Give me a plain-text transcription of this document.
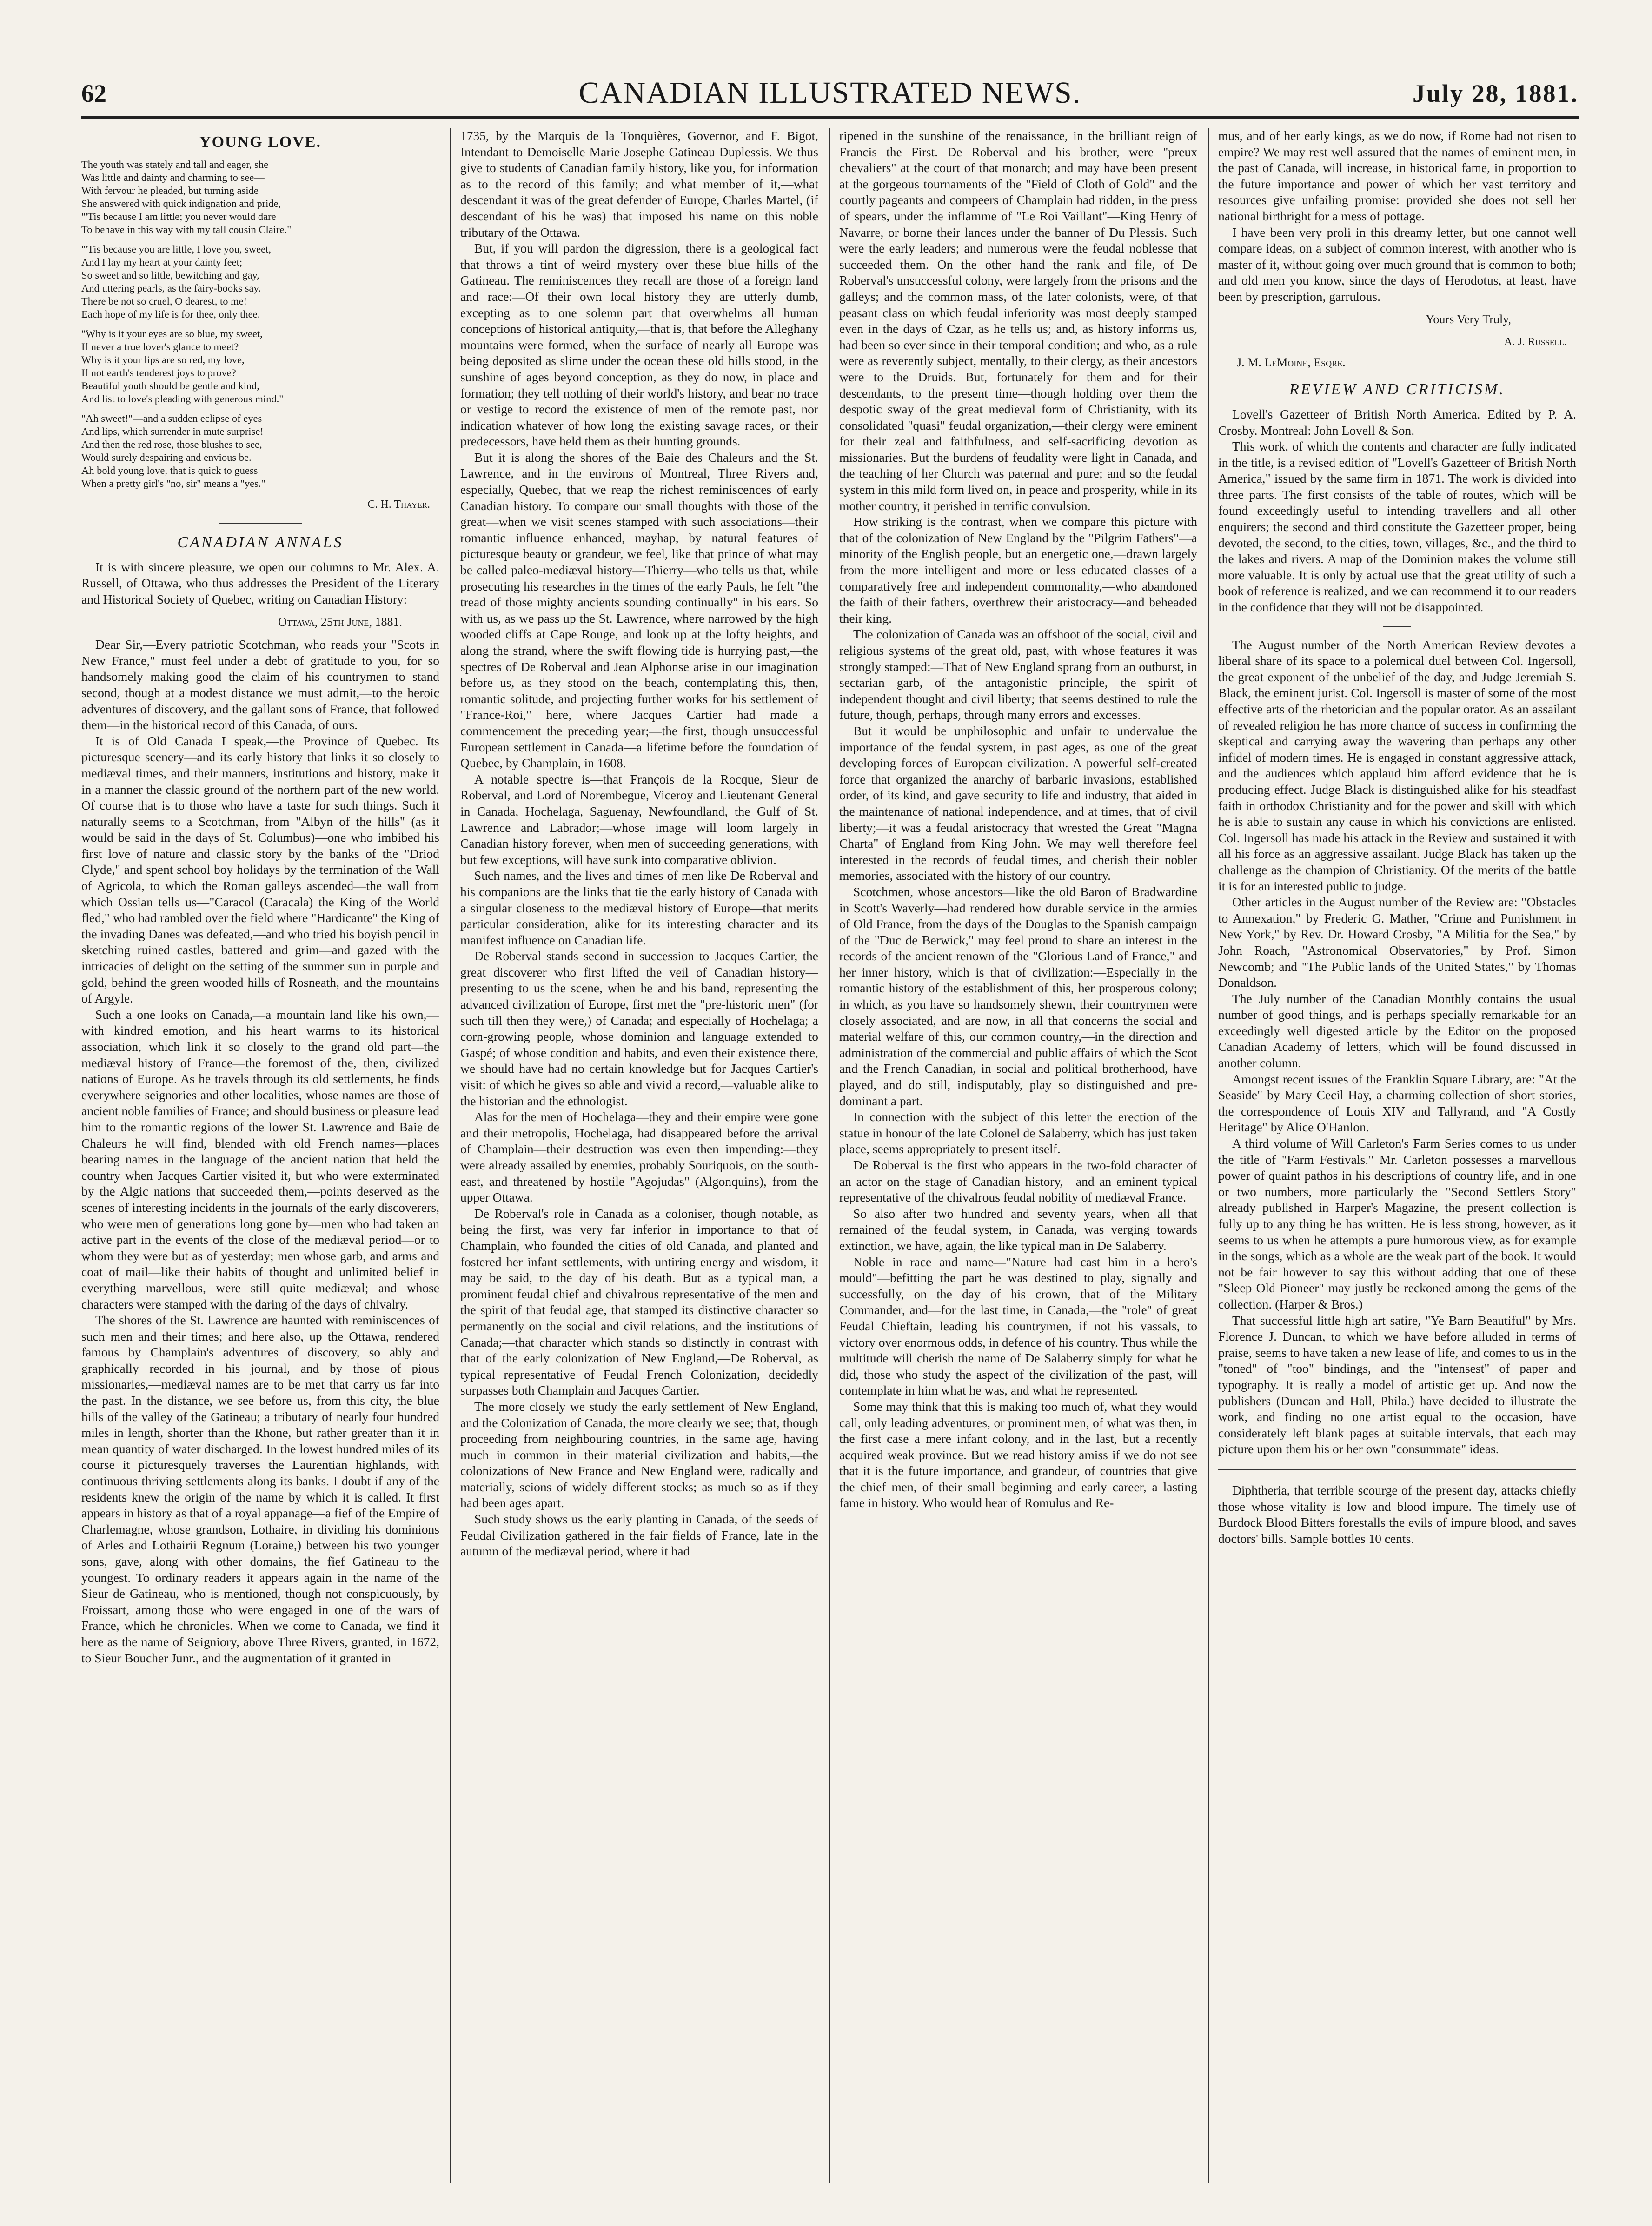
62	CANADIAN ILLUSTRATED NEWS.	July 28, 1881.
YOUNG LOVE.

The youth was stately and tall and eager, she
Was little and dainty and charming to see—
With fervour he pleaded, but turning aside
She answered with quick indignation and pride,
"'Tis because I am little; you never would dare
To behave in this way with my tall cousin Claire."

"'Tis because you are little, I love you, sweet,
And I lay my heart at your dainty feet;
So sweet and so little, bewitching and gay,
And uttering pearls, as the fairy-books say.
There be not so cruel, O dearest, to me!
Each hope of my life is for thee, only thee.

"Why is it your eyes are so blue, my sweet,
If never a true lover's glance to meet?
Why is it your lips are so red, my love,
If not earth's tenderest joys to prove?
Beautiful youth should be gentle and kind,
And list to love's pleading with generous mind."

"Ah sweet!"—and a sudden eclipse of eyes
And lips, which surrender in mute surprise!
And then the red rose, those blushes to see,
Would surely despairing and envious be.
Ah bold young love, that is quick to guess
When a pretty girl's "no, sir" means a "yes."

C. H. Thayer.
CANADIAN ANNALS

It is with sincere pleasure, we open our columns to Mr. Alex. A. Russell, of Ottawa, who thus addresses the President of the Literary and Historical Society of Quebec, writing on Canadian History:

Ottawa, 25th June, 1881.

Dear Sir,—Every patriotic Scotchman, who reads your "Scots in New France," must feel under a debt of gratitude to you, for so handsomely making good the claim of his countrymen to stand second, though at a modest distance we must admit,—to the heroic adventures of discovery, and the gallant sons of France, that followed them—in the historical record of this Canada, of ours.

It is of Old Canada I speak,—the Province of Quebec. Its picturesque scenery—and its early history that links it so closely to mediæval times, and their manners, institutions and history, make it in a manner the classic ground of the northern part of the new world. Of course that is to those who have a taste for such things. Such it naturally seems to a Scotchman, from "Albyn of the hills" (as it would be said in the days of St. Columbus)—one who imbibed his first love of nature and classic story by the banks of the "Driod Clyde," and spent school boy holidays by the termination of the Wall of Agricola, to which the Roman galleys ascended—the wall from which Ossian tells us—"Caracol (Caracala) the King of the World fled," who had rambled over the field where "Hardicante" the King of the invading Danes was defeated,—and who tried his boyish pencil in sketching ruined castles, battered and grim—and gazed with the intricacies of delight on the setting of the summer sun in purple and gold, behind the green wooded hills of Rosneath, and the mountains of Argyle.

Such a one looks on Canada,—a mountain land like his own,—with kindred emotion, and his heart warms to its historical association, which link it so closely to the grand old part—the mediæval history of France—the foremost of the, then, civilized nations of Europe. As he travels through its old settlements, he finds everywhere seignories and other localities, whose names are those of ancient noble families of France; and should business or pleasure lead him to the romantic regions of the lower St. Lawrence and Baie de Chaleurs he will find, blended with old French names—places bearing names in the language of the ancient nation that held the country when Jacques Cartier visited it, but who were exterminated by the Algic nations that succeeded them,—points deserved as the scenes of interesting incidents in the journals of the early discoverers, who were men of generations long gone by—men who had taken an active part in the events of the close of the mediæval period—or to whom they were but as of yesterday; men whose garb, and arms and coat of mail—like their habits of thought and unlimited belief in everything marvellous, were still quite mediæval; and whose characters were stamped with the daring of the days of chivalry.

The shores of the St. Lawrence are haunted with reminiscences of such men and their times; and here also, up the Ottawa, rendered famous by Champlain's adventures of discovery, so ably and graphically recorded in his journal, and by those of pious missionaries,—mediæval names are to be met that carry us far into the past. In the distance, we see before us, from this city, the blue hills of the valley of the Gatineau; a tributary of nearly four hundred miles in length, shorter than the Rhone, but rather greater than it in mean quantity of water discharged. In the lowest hundred miles of its course it picturesquely traverses the Laurentian highlands, with continuous thriving settlements along its banks. I doubt if any of the residents knew the origin of the name by which it is called. It first appears in history as that of a royal appanage—a fief of the Empire of Charlemagne, whose grandson, Lothaire, in dividing his dominions of Arles and Lothairii Regnum (Loraine,) between his two younger sons, gave, along with other domains, the fief Gatineau to the youngest. To ordinary readers it appears again in the name of the Sieur de Gatineau, who is mentioned, though not conspicuously, by Froissart, among those who were engaged in one of the wars of France, which he chronicles. When we come to Canada, we find it here as the name of Seigniory, above Three Rivers, granted, in 1672, to Sieur Boucher Junr., and the augmentation of it granted in

1735, by the Marquis de la Tonquières, Governor, and F. Bigot, Intendant to Demoiselle Marie Josephe Gatineau Duplessis. We thus give to students of Canadian family history, like you, for information as to the record of this family; and what member of it,—what descendant it was of the great defender of Europe, Charles Martel, (if descendant of his he was) that imposed his name on this noble tributary of the Ottawa.

But, if you will pardon the digression, there is a geological fact that throws a tint of weird mystery over these blue hills of the Gatineau. The reminiscences they recall are those of a foreign land and race:—Of their own local history they are utterly dumb, excepting as to one solemn part that overwhelms all human conceptions of historical antiquity,—that is, that before the Alleghany mountains were formed, when the surface of nearly all Europe was being deposited as slime under the ocean these old hills stood, in the sunshine of ages beyond conception, as they do now, in place and formation; they tell nothing of their world's history, and bear no trace or vestige to record the existence of men of the remote past, nor indication whatever of how long the existing savage races, or their predecessors, have held them as their hunting grounds.

But it is along the shores of the Baie des Chaleurs and the St. Lawrence, and in the environs of Montreal, Three Rivers and, especially, Quebec, that we reap the richest reminiscences of early Canadian history. To compare our small thoughts with those of the great—when we visit scenes stamped with such associations—their romantic influence enhanced, mayhap, by natural features of picturesque beauty or grandeur, we feel, like that prince of what may be called paleo-mediæval history—Thierry—who tells us that, while prosecuting his researches in the times of the early Pauls, he felt "the tread of those mighty ancients sounding continually" in his ears. So with us, as we pass up the St. Lawrence, where narrowed by the high wooded cliffs at Cape Rouge, and look up at the lofty heights, and along the strand, where the swift flowing tide is hurrying past,—the spectres of De Roberval and Jean Alphonse arise in our imagination before us, as they stood on the beach, contemplating this, then, romantic solitude, and projecting further works for his settlement of "France-Roi," here, where Jacques Cartier had made a commencement the preceding year;—the first, though unsuccessful European settlement in Canada—a lifetime before the foundation of Quebec, by Champlain, in 1608.

A notable spectre is—that François de la Rocque, Sieur de Roberval, and Lord of Norembegue, Viceroy and Lieutenant General in Canada, Hochelaga, Saguenay, Newfoundland, the Gulf of St. Lawrence and Labrador;—whose image will loom largely in Canadian history forever, when men of succeeding generations, with but few exceptions, will have sunk into comparative oblivion.

Such names, and the lives and times of men like De Roberval and his companions are the links that tie the early history of Canada with a singular closeness to the mediæval history of Europe—that merits particular consideration, alike for its interesting character and its manifest influence on Canadian life.

De Roberval stands second in succession to Jacques Cartier, the great discoverer who first lifted the veil of Canadian history—presenting to us the scene, when he and his band, representing the advanced civilization of Europe, first met the "pre-historic men" (for such till then they were,) of Canada; and especially of Hochelaga; a corn-growing people, whose dominion and language extended to Gaspé; of whose condition and habits, and even their existence there, we should have had no certain knowledge but for Jacques Cartier's visit: of which he gives so able and vivid a record,—valuable alike to the historian and the ethnologist.

Alas for the men of Hochelaga—they and their empire were gone and their metropolis, Hochelaga, had disappeared before the arrival of Champlain—their destruction was even then impending:—they were already assailed by enemies, probably Souriquois, on the south-east, and threatened by hostile "Agojudas" (Algonquins), from the upper Ottawa.

De Roberval's role in Canada as a coloniser, though notable, as being the first, was very far inferior in importance to that of Champlain, who founded the cities of old Canada, and planted and fostered her infant settlements, with untiring energy and wisdom, it may be said, to the day of his death. But as a typical man, a prominent feudal chief and chivalrous representative of the men and the spirit of that feudal age, that stamped its distinctive character so permanently on the social and civil relations, and the institutions of Canada;—that character which stands so distinctly in contrast with that of the early colonization of New England,—De Roberval, as typical representative of Feudal French Colonization, decidedly surpasses both Champlain and Jacques Cartier.

The more closely we study the early settlement of New England, and the Colonization of Canada, the more clearly we see; that, though proceeding from neighbouring countries, in the same age, having much in common in their material civilization and habits,—the colonizations of New France and New England were, radically and materially, scions of widely different stocks; as much so as if they had been ages apart.

Such study shows us the early planting in Canada, of the seeds of Feudal Civilization gathered in the fair fields of France, late in the autumn of the mediæval period, where it had

ripened in the sunshine of the renaissance, in the brilliant reign of Francis the First. De Roberval and his brother, were "preux chevaliers" at the court of that monarch; and may have been present at the gorgeous tournaments of the "Field of Cloth of Gold" and the courtly pageants and compeers of Champlain had ridden, in the press of spears, under the inflamme of "Le Roi Vaillant"—King Henry of Navarre, or borne their lances under the banner of Du Plessis. Such were the early leaders; and numerous were the feudal noblesse that succeeded them. On the other hand the rank and file, of De Roberval's unsuccessful colony, were largely from the prisons and the galleys; and the common mass, of the later colonists, were, of that peasant class on which feudal inferiority was most deeply stamped even in the days of Czar, as he tells us; and, as history informs us, had been so ever since in their temporal condition; and who, as a rule were as reverently subject, mentally, to their clergy, as their ancestors were to the Druids. But, fortunately for them and for their descendants, to the present time—though holding over them the despotic sway of the great medieval form of Christianity, with its consolidated "quasi" feudal organization,—their clergy were eminent for their zeal and faithfulness, and self-sacrificing devotion as missionaries. But the burdens of feudality were light in Canada, and the teaching of her Church was paternal and pure; and so the feudal system in this mild form lived on, in peace and prosperity, while in its mother country, it perished in terrific convulsion.

How striking is the contrast, when we compare this picture with that of the colonization of New England by the "Pilgrim Fathers"—a minority of the English people, but an energetic one,—drawn largely from the more intelligent and more or less educated classes of a comparatively free and independent commonality,—who abandoned the faith of their fathers, overthrew their aristocracy—and beheaded their king.

The colonization of Canada was an offshoot of the social, civil and religious systems of the great old, past, with whose features it was strongly stamped:—That of New England sprang from an outburst, in sectarian garb, of the antagonistic principle,—the spirit of independent thought and civil liberty; that seems destined to rule the future, though, perhaps, through many errors and excesses.

But it would be unphilosophic and unfair to undervalue the importance of the feudal system, in past ages, as one of the great developing forces of European civilization. A powerful self-created force that organized the anarchy of barbaric invasions, established order, of its kind, and gave security to life and industry, that aided in the maintenance of national independence, and at times, that of civil liberty;—it was a feudal aristocracy that wrested the Great "Magna Charta" of England from King John. We may well therefore feel interested in the records of feudal times, and cherish their nobler memories, associated with the history of our country.

Scotchmen, whose ancestors—like the old Baron of Bradwardine in Scott's Waverly—had rendered how durable service in the armies of Old France, from the days of the Douglas to the Spanish campaign of the "Duc de Berwick," may feel proud to share an interest in the records of the ancient renown of the "Glorious Land of France," and her inner history, which is that of civilization:—Especially in the romantic history of the establishment of this, her prosperous colony; in which, as you have so handsomely shewn, their countrymen were closely associated, and are now, in all that concerns the social and material welfare of this, our common country,—in the direction and administration of the commercial and public affairs of which the Scot and the French Canadian, in social and political brotherhood, have played, and do still, indisputably, play so distinguished and pre-dominant a part.

In connection with the subject of this letter the erection of the statue in honour of the late Colonel de Salaberry, which has just taken place, seems appropriately to present itself.

De Roberval is the first who appears in the two-fold character of an actor on the stage of Canadian history,—and an eminent typical representative of the chivalrous feudal nobility of mediæval France.

So also after two hundred and seventy years, when all that remained of the feudal system, in Canada, was verging towards extinction, we have, again, the like typical man in De Salaberry.

Noble in race and name—"Nature had cast him in a hero's mould"—befitting the part he was destined to play, signally and successfully, on the day of his crown, that of the Military Commander, and—for the last time, in Canada,—the "role" of great Feudal Chieftain, leading his countrymen, if not his vassals, to victory over enormous odds, in defence of his country. Thus while the multitude will cherish the name of De Salaberry simply for what he did, those who study the aspect of the civilization of the past, will contemplate in him what he was, and what he represented.

Some may think that this is making too much of, what they would call, only leading adventures, or prominent men, of what was then, in the first case a mere infant colony, and in the last, but a recently acquired weak province. But we read history amiss if we do not see that it is the future importance, and grandeur, of countries that give the chief men, of their small beginning and early career, a lasting fame in history. Who would hear of Romulus and Re-

mus, and of her early kings, as we do now, if Rome had not risen to empire? We may rest well assured that the names of eminent men, in the past of Canada, will increase, in historical fame, in proportion to the future importance and power of which her vast territory and resources give unfailing promise: provided she does not sell her national birthright for a mess of pottage.

I have been very proli in this dreamy letter, but one cannot well compare ideas, on a subject of common interest, with another who is master of it, without going over much ground that is common to both; and old men you know, since the days of Herodotus, at least, have been by prescription, garrulous.

Yours Very Truly,
A. J. Russell.
J. M. LeMoine, Esqre.
REVIEW AND CRITICISM.

Lovell's Gazetteer of British North America. Edited by P. A. Crosby. Montreal: John Lovell & Son.

This work, of which the contents and character are fully indicated in the title, is a revised edition of "Lovell's Gazetteer of British North America," issued by the same firm in 1871. The work is divided into three parts. The first consists of the table of routes, which will be found exceedingly useful to intending travellers and all other enquirers; the second and third constitute the Gazetteer proper, being devoted, the second, to the cities, town, villages, &c., and the third to the lakes and rivers. A map of the Dominion makes the volume still more valuable. It is only by actual use that the great utility of such a book of reference is realized, and we can recommend it to our readers in the confidence that they will not be disappointed.

The August number of the North American Review devotes a liberal share of its space to a polemical duel between Col. Ingersoll, the great exponent of the unbelief of the day, and Judge Jeremiah S. Black, the eminent jurist. Col. Ingersoll is master of some of the most effective arts of the rhetorician and the popular orator. As an assailant of revealed religion he has more chance of success in confirming the skeptical and carrying away the wavering than perhaps any other infidel of modern times. He is engaged in constant aggressive attack, and the audiences which applaud him afford evidence that he is producing effect. Judge Black is distinguished alike for his steadfast faith in orthodox Christianity and for the power and skill with which he is able to sustain any cause in which his convictions are enlisted. Col. Ingersoll has made his attack in the Review and sustained it with all his force as an aggressive assailant. Judge Black has taken up the challenge as the champion of Christianity. Of the merits of the battle it is for an interested public to judge.

Other articles in the August number of the Review are: "Obstacles to Annexation," by Frederic G. Mather, "Crime and Punishment in New York," by Rev. Dr. Howard Crosby, "A Militia for the Sea," by John Roach, "Astronomical Observatories," by Prof. Simon Newcomb; and "The Public lands of the United States," by Thomas Donaldson.

The July number of the Canadian Monthly contains the usual number of good things, and is perhaps specially remarkable for an exceedingly well digested article by the Editor on the proposed Canadian Academy of letters, which will be found discussed in another column.

Amongst recent issues of the Franklin Square Library, are: "At the Seaside" by Mary Cecil Hay, a charming collection of short stories, the correspondence of Louis XIV and Tallyrand, and "A Costly Heritage" by Alice O'Hanlon.

A third volume of Will Carleton's Farm Series comes to us under the title of "Farm Festivals." Mr. Carleton possesses a marvellous power of quaint pathos in his descriptions of country life, and in one or two numbers, more particularly the "Second Settlers Story" already published in Harper's Magazine, the present collection is fully up to any thing he has written. He is less strong, however, as it seems to us when he attempts a pure humorous view, as for example in the songs, which as a whole are the weak part of the book. It would not be fair however to say this without adding that one of these "Sleep Old Pioneer" may justly be reckoned among the gems of the collection. (Harper & Bros.)

That successful little high art satire, "Ye Barn Beautiful" by Mrs. Florence J. Duncan, to which we have before alluded in terms of praise, seems to have taken a new lease of life, and comes to us in the "toned" of "too" bindings, and the "intensest" of paper and typography. It is really a model of artistic get up. And now the publishers (Duncan and Hall, Phila.) have decided to illustrate the work, and finding no one artist equal to the occasion, have considerately left blank pages at suitable intervals, that each may picture upon them his or her own "consummate" ideas.

Diphtheria, that terrible scourge of the present day, attacks chiefly those whose vitality is low and blood impure. The timely use of Burdock Blood Bitters forestalls the evils of impure blood, and saves doctors' bills. Sample bottles 10 cents.
